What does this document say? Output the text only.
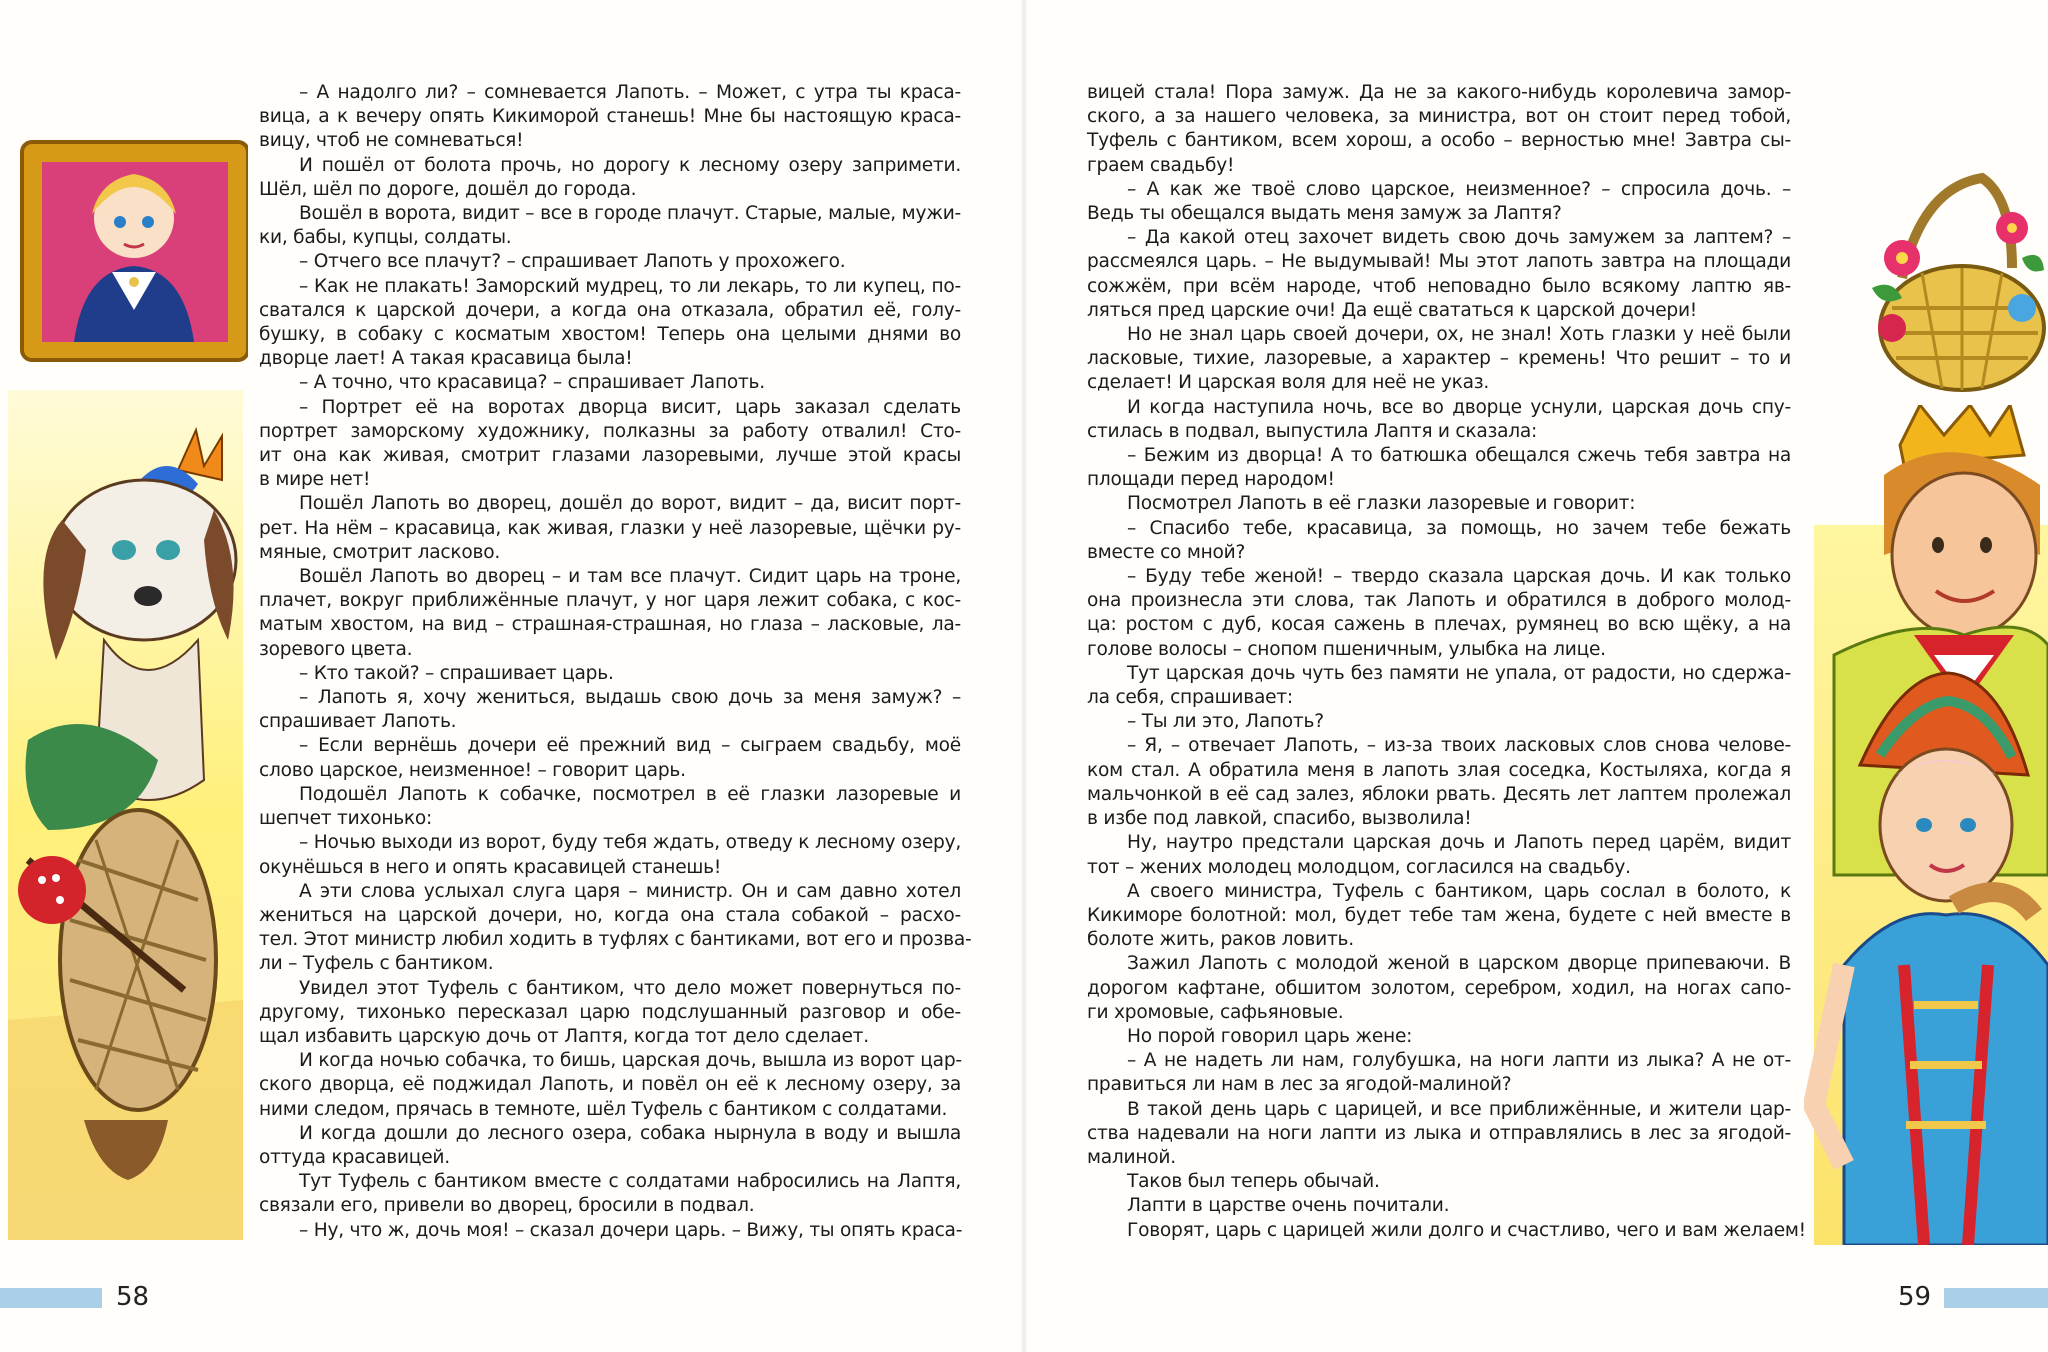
– А надолго ли? – сомневается Лапоть. – Может, с утра ты краса-
вица, а к вечеру опять Кикиморой станешь! Мне бы настоящую краса-
вицу, чтоб не сомневаться!
И пошёл от болота прочь, но дорогу к лесному озеру запримети.
Шёл, шёл по дороге, дошёл до города.
Вошёл в ворота, видит – все в городе плачут. Старые, малые, мужи-
ки, бабы, купцы, солдаты.
– Отчего все плачут? – спрашивает Лапоть у прохожего.
– Как не плакать! Заморский мудрец, то ли лекарь, то ли купец, по-
сватался к царской дочери, а когда она отказала, обратил её, голу-
бушку, в собаку с косматым хвостом! Теперь она целыми днями во
дворце лает! А такая красавица была!
– А точно, что красавица? – спрашивает Лапоть.
– Портрет её на воротах дворца висит, царь заказал сделать
портрет заморскому художнику, полказны за работу отвалил! Сто-
ит она как живая, смотрит глазами лазоревыми, лучше этой красы
в мире нет!
Пошёл Лапоть во дворец, дошёл до ворот, видит – да, висит порт-
рет. На нём – красавица, как живая, глазки у неё лазоревые, щёчки ру-
мяные, смотрит ласково.
Вошёл Лапоть во дворец – и там все плачут. Сидит царь на троне,
плачет, вокруг приближённые плачут, у ног царя лежит собака, с кос-
матым хвостом, на вид – страшная-страшная, но глаза – ласковые, ла-
зоревого цвета.
– Кто такой? – спрашивает царь.
– Лапоть я, хочу жениться, выдашь свою дочь за меня замуж? –
спрашивает Лапоть.
– Если вернёшь дочери её прежний вид – сыграем свадьбу, моё
слово царское, неизменное! – говорит царь.
Подошёл Лапоть к собачке, посмотрел в её глазки лазоревые и
шепчет тихонько:
– Ночью выходи из ворот, буду тебя ждать, отведу к лесному озеру,
окунёшься в него и опять красавицей станешь!
А эти слова услыхал слуга царя – министр. Он и сам давно хотел
жениться на царской дочери, но, когда она стала собакой – расхо-
тел. Этот министр любил ходить в туфлях с бантиками, вот его и прозва-
ли – Туфель с бантиком.
Увидел этот Туфель с бантиком, что дело может повернуться по-
другому, тихонько пересказал царю подслушанный разговор и обе-
щал избавить царскую дочь от Лаптя, когда тот дело сделает.
И когда ночью собачка, то бишь, царская дочь, вышла из ворот цар-
ского дворца, её поджидал Лапоть, и повёл он её к лесному озеру, за
ними следом, прячась в темноте, шёл Туфель с бантиком с солдатами.
И когда дошли до лесного озера, собака нырнула в воду и вышла
оттуда красавицей.
Тут Туфель с бантиком вместе с солдатами набросились на Лаптя,
связали его, привели во дворец, бросили в подвал.
– Ну, что ж, дочь моя! – сказал дочери царь. – Вижу, ты опять краса-
58
вицей стала! Пора замуж. Да не за какого-нибудь королевича замор-
ского, а за нашего человека, за министра, вот он стоит перед тобой,
Туфель с бантиком, всем хорош, а особо – верностью мне! Завтра сы-
граем свадьбу!
– А как же твоё слово царское, неизменное? – спросила дочь. –
Ведь ты обещался выдать меня замуж за Лаптя?
– Да какой отец захочет видеть свою дочь замужем за лаптем? –
рассмеялся царь. – Не выдумывай! Мы этот лапоть завтра на площади
сожжём, при всём народе, чтоб неповадно было всякому лаптю яв-
ляться пред царские очи! Да ещё свататься к царской дочери!
Но не знал царь своей дочери, ох, не знал! Хоть глазки у неё были
ласковые, тихие, лазоревые, а характер – кремень! Что решит – то и
сделает! И царская воля для неё не указ.
И когда наступила ночь, все во дворце уснули, царская дочь спу-
стилась в подвал, выпустила Лаптя и сказала:
– Бежим из дворца! А то батюшка обещался сжечь тебя завтра на
площади перед народом!
Посмотрел Лапоть в её глазки лазоревые и говорит:
– Спасибо тебе, красавица, за помощь, но зачем тебе бежать
вместе со мной?
– Буду тебе женой! – твердо сказала царская дочь. И как только
она произнесла эти слова, так Лапоть и обратился в доброго молод-
ца: ростом с дуб, косая сажень в плечах, румянец во всю щёку, а на
голове волосы – снопом пшеничным, улыбка на лице.
Тут царская дочь чуть без памяти не упала, от радости, но сдержа-
ла себя, спрашивает:
– Ты ли это, Лапоть?
– Я, – отвечает Лапоть, – из-за твоих ласковых слов снова челове-
ком стал. А обратила меня в лапоть злая соседка, Костыляха, когда я
мальчонкой в её сад залез, яблоки рвать. Десять лет лаптем пролежал
в избе под лавкой, спасибо, вызволила!
Ну, наутро предстали царская дочь и Лапоть перед царём, видит
тот – жених молодец молодцом, согласился на свадьбу.
А своего министра, Туфель с бантиком, царь сослал в болото, к
Кикиморе болотной: мол, будет тебе там жена, будете с ней вместе в
болоте жить, раков ловить.
Зажил Лапоть с молодой женой в царском дворце припеваючи. В
дорогом кафтане, обшитом золотом, серебром, ходил, на ногах сапо-
ги хромовые, сафьяновые.
Но порой говорил царь жене:
– А не надеть ли нам, голубушка, на ноги лапти из лыка? А не от-
правиться ли нам в лес за ягодой-малиной?
В такой день царь с царицей, и все приближённые, и жители цар-
ства надевали на ноги лапти из лыка и отправлялись в лес за ягодой-
малиной.
Таков был теперь обычай.
Лапти в царстве очень почитали.
Говорят, царь с царицей жили долго и счастливо, чего и вам желаем!
59
